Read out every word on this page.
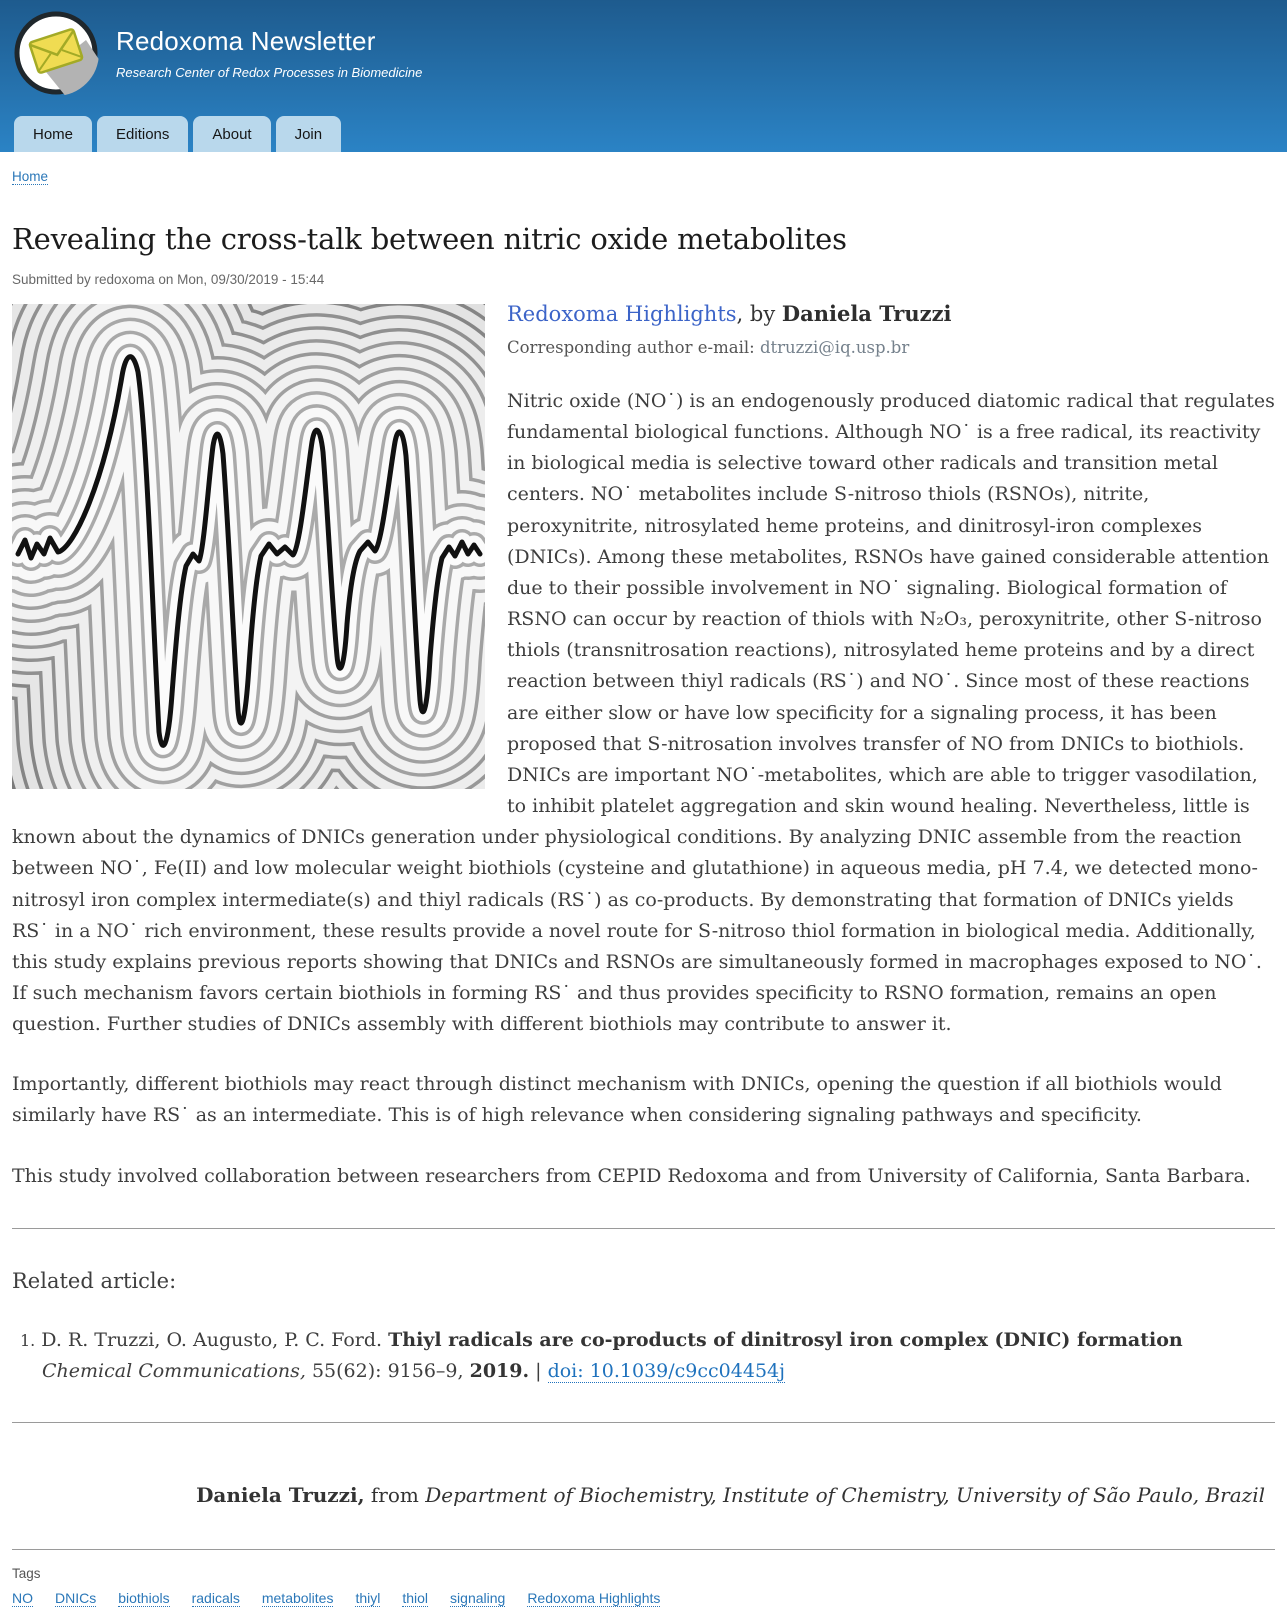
Redoxoma Newsletter
Research Center of Redox Processes in Biomedicine
Home	Editions	About	Join
Home
Revealing the cross-talk between nitric oxide metabolites
Submitted by redoxoma on Mon, 09/30/2019 - 15:44

Redoxoma Highlights, by Daniela Truzzi

Corresponding author e-mail: dtruzzi@iq.usp.br

Nitric oxide (NO˙) is an endogenously produced diatomic radical that regulates fundamental biological functions. Although NO˙ is a free radical, its reactivity in biological media is selective toward other radicals and transition metal centers. NO˙ metabolites include S-nitroso thiols (RSNOs), nitrite, peroxynitrite, nitrosylated heme proteins, and dinitrosyl-iron complexes (DNICs). Among these metabolites, RSNOs have gained considerable attention due to their possible involvement in NO˙ signaling. Biological formation of RSNO can occur by reaction of thiols with N₂O₃, peroxynitrite, other S-nitroso thiols (transnitrosation reactions), nitrosylated heme proteins and by a direct reaction between thiyl radicals (RS˙) and NO˙. Since most of these reactions are either slow or have low specificity for a signaling process, it has been proposed that S-nitrosation involves transfer of NO from DNICs to biothiols. DNICs are important NO˙-metabolites, which are able to trigger vasodilation, to inhibit platelet aggregation and skin wound healing. Nevertheless, little is known about the dynamics of DNICs generation under physiological conditions. By analyzing DNIC assemble from the reaction between NO˙, Fe(II) and low molecular weight biothiols (cysteine and glutathione) in aqueous media, pH 7.4, we detected mono-nitrosyl iron complex intermediate(s) and thiyl radicals (RS˙) as co-products. By demonstrating that formation of DNICs yields RS˙ in a NO˙ rich environment, these results provide a novel route for S-nitroso thiol formation in biological media. Additionally, this study explains previous reports showing that DNICs and RSNOs are simultaneously formed in macrophages exposed to NO˙. If such mechanism favors certain biothiols in forming RS˙ and thus provides specificity to RSNO formation, remains an open question. Further studies of DNICs assembly with different biothiols may contribute to answer it.

Importantly, different biothiols may react through distinct mechanism with DNICs, opening the question if all biothiols would similarly have RS˙ as an intermediate. This is of high relevance when considering signaling pathways and specificity.

This study involved collaboration between researchers from CEPID Redoxoma and from University of California, Santa Barbara.

Related article:
1. D. R. Truzzi, O. Augusto, P. C. Ford. Thiyl radicals are co-products of dinitrosyl iron complex (DNIC) formation
Chemical Communications, 55(62): 9156–9, 2019. | doi: 10.1039/c9cc04454j
Daniela Truzzi, from Department of Biochemistry, Institute of Chemistry, University of São Paulo, Brazil
Tags
NO DNICs biothiols radicals metabolites thiyl thiol signaling Redoxoma Highlights
